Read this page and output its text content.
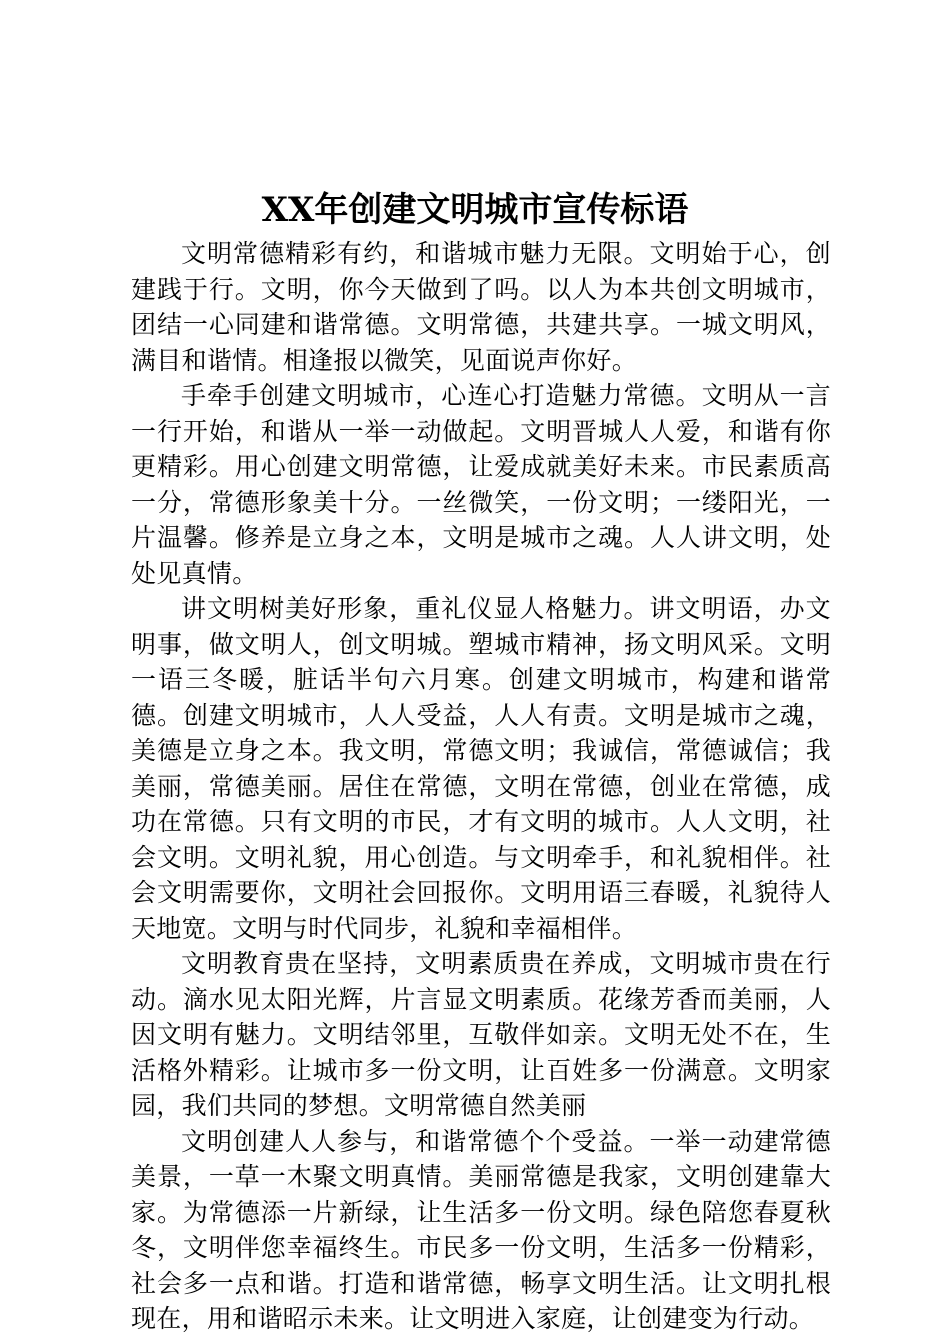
XX年创建文明城市宣传标语

文明常德精彩有约，和谐城市魅力无限。文明始于心，创建践于行。文明，你今天做到了吗。以人为本共创文明城市，团结一心同建和谐常德。文明常德，共建共享。一城文明风，满目和谐情。相逢报以微笑，见面说声你好。

手牵手创建文明城市，心连心打造魅力常德。文明从一言一行开始，和谐从一举一动做起。文明晋城人人爱，和谐有你更精彩。用心创建文明常德，让爱成就美好未来。市民素质高一分，常德形象美十分。一丝微笑，一份文明；一缕阳光，一片温馨。修养是立身之本，文明是城市之魂。人人讲文明，处处见真情。

讲文明树美好形象，重礼仪显人格魅力。讲文明语，办文明事，做文明人，创文明城。塑城市精神，扬文明风采。文明一语三冬暖，脏话半句六月寒。创建文明城市，构建和谐常德。创建文明城市，人人受益，人人有责。文明是城市之魂，美德是立身之本。我文明，常德文明；我诚信，常德诚信；我美丽，常德美丽。居住在常德，文明在常德，创业在常德，成功在常德。只有文明的市民，才有文明的城市。人人文明，社会文明。文明礼貌，用心创造。与文明牵手，和礼貌相伴。社会文明需要你，文明社会回报你。文明用语三春暖，礼貌待人天地宽。文明与时代同步，礼貌和幸福相伴。

文明教育贵在坚持，文明素质贵在养成，文明城市贵在行动。滴水见太阳光辉，片言显文明素质。花缘芳香而美丽，人因文明有魅力。文明结邻里，互敬伴如亲。文明无处不在，生活格外精彩。让城市多一份文明，让百姓多一份满意。文明家园，我们共同的梦想。文明常德自然美丽

文明创建人人参与，和谐常德个个受益。一举一动建常德美景，一草一木聚文明真情。美丽常德是我家，文明创建靠大家。为常德添一片新绿，让生活多一份文明。绿色陪您春夏秋冬，文明伴您幸福终生。市民多一份文明，生活多一份精彩，社会多一点和谐。打造和谐常德，畅享文明生活。让文明扎根现在，用和谐昭示未来。让文明进入家庭，让创建变为行动。
